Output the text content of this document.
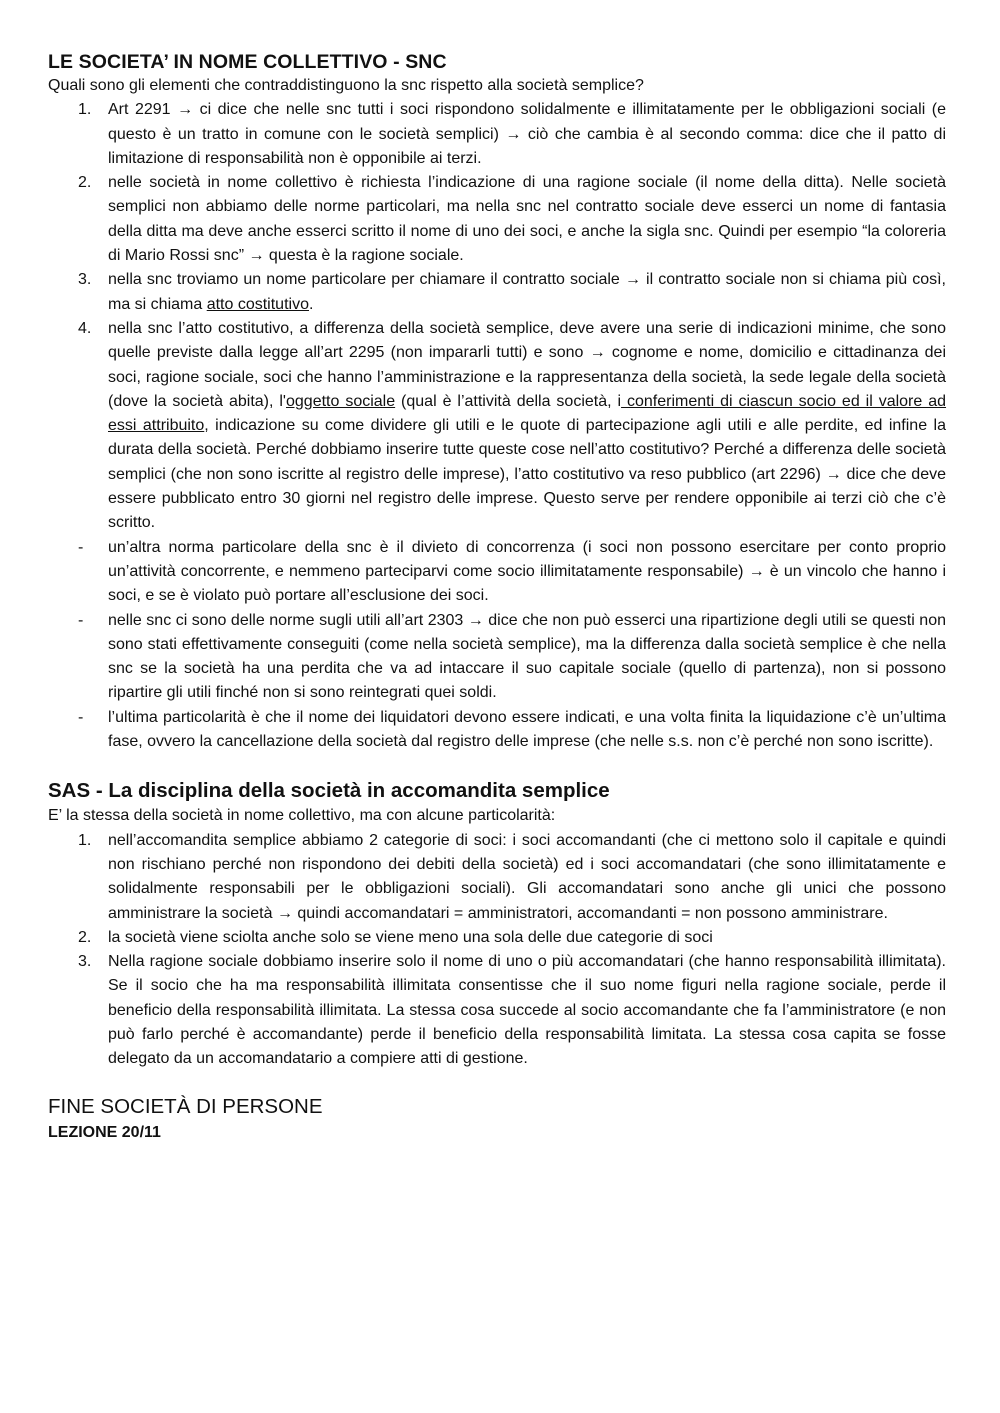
LE SOCIETA’ IN NOME COLLETTIVO - SNC

Quali sono gli elementi che contraddistinguono la snc rispetto alla società semplice?

1.	Art 2291 → ci dice che nelle snc tutti i soci rispondono solidalmente e illimitatamente per le obbligazioni sociali (e questo è un tratto in comune con le società semplici) → ciò che cambia è al secondo comma: dice che il patto di limitazione di responsabilità non è opponibile ai terzi.
2.	nelle società in nome collettivo è richiesta l’indicazione di una ragione sociale (il nome della ditta). Nelle società semplici non abbiamo delle norme particolari, ma nella snc nel contratto sociale deve esserci un nome di fantasia della ditta ma deve anche esserci scritto il nome di uno dei soci, e anche la sigla snc. Quindi per esempio “la coloreria di Mario Rossi snc” → questa è la ragione sociale.
3.	nella snc troviamo un nome particolare per chiamare il contratto sociale → il contratto sociale non si chiama più così, ma si chiama atto costitutivo.
4.	nella snc l’atto costitutivo, a differenza della società semplice, deve avere una serie di indicazioni minime, che sono quelle previste dalla legge all’art 2295 (non impararli tutti) e sono → cognome e nome, domicilio e cittadinanza dei soci, ragione sociale, soci che hanno l’amministrazione e la rappresentanza della società, la sede legale della società (dove la società abita), l'oggetto sociale (qual è l’attività della società, i conferimenti di ciascun socio ed il valore ad essi attribuito, indicazione su come dividere gli utili e le quote di partecipazione agli utili e alle perdite, ed infine la durata della società. Perché dobbiamo inserire tutte queste cose nell’atto costitutivo? Perché a differenza delle società semplici (che non sono iscritte al registro delle imprese), l’atto costitutivo va reso pubblico (art 2296) → dice che deve essere pubblicato entro 30 giorni nel registro delle imprese. Questo serve per rendere opponibile ai terzi ciò che c’è scritto.
-	un’altra norma particolare della snc è il divieto di concorrenza (i soci non possono esercitare per conto proprio un’attività concorrente, e nemmeno parteciparvi come socio illimitatamente responsabile) → è un vincolo che hanno i soci, e se è violato può portare all’esclusione dei soci.
-	nelle snc ci sono delle norme sugli utili all’art 2303 → dice che non può esserci una ripartizione degli utili se questi non sono stati effettivamente conseguiti (come nella società semplice), ma la differenza dalla società semplice è che nella snc se la società ha una perdita che va ad intaccare il suo capitale sociale (quello di partenza), non si possono ripartire gli utili finché non si sono reintegrati quei soldi.
-	l’ultima particolarità è che il nome dei liquidatori devono essere indicati, e una volta finita la liquidazione c’è un’ultima fase, ovvero la cancellazione della società dal registro delle imprese (che nelle s.s. non c’è perché non sono iscritte).
SAS - La disciplina della società in accomandita semplice

E’ la stessa della società in nome collettivo, ma con alcune particolarità:

1.	nell’accomandita semplice abbiamo 2 categorie di soci: i soci accomandanti (che ci mettono solo il capitale e quindi non rischiano perché non rispondono dei debiti della società) ed i soci accomandatari (che sono illimitatamente e solidalmente responsabili per le obbligazioni sociali). Gli accomandatari sono anche gli unici che possono amministrare la società → quindi accomandatari = amministratori, accomandanti = non possono amministrare.
2.	la società viene sciolta anche solo se viene meno una sola delle due categorie di soci
3.	Nella ragione sociale dobbiamo inserire solo il nome di uno o più accomandatari (che hanno responsabilità illimitata). Se il socio che ha ma responsabilità illimitata consentisse che il suo nome figuri nella ragione sociale, perde il beneficio della responsabilità illimitata. La stessa cosa succede al socio accomandante che fa l’amministratore (e non può farlo perché è accomandante) perde il beneficio della responsabilità limitata. La stessa cosa capita se fosse delegato da un accomandatario a compiere atti di gestione.

FINE SOCIETÀ DI PERSONE

LEZIONE 20/11
